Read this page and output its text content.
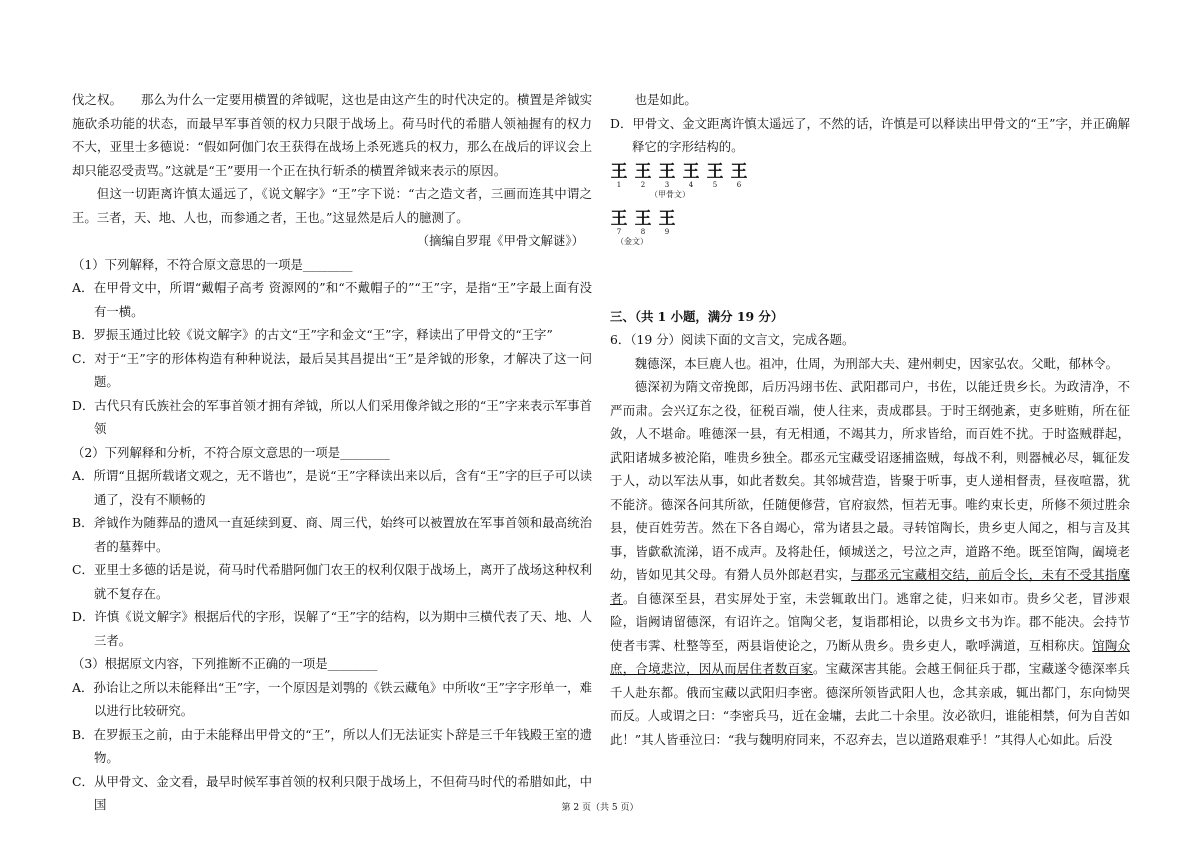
伐之权。　　那么为什么一定要用横置的斧钺呢，这也是由这产生的时代决定的。横置是斧钺实施砍杀功能的状态，而最早军事首领的权力只限于战场上。荷马时代的希腊人领袖握有的权力不大，亚里士多德说：“假如阿伽门农王获得在战场上杀死逃兵的权力，那么在战后的评议会上却只能忍受责骂。”这就是“王”要用一个正在执行斩杀的横置斧钺来表示的原因。

但这一切距离许慎太遥远了，《说文解字》“王”字下说：“古之造文者，三画而连其中谓之王。三者，天、地、人也，而参通之者，王也。”这显然是后人的臆测了。

（摘编自罗琨《甲骨文解谜》）

（1）下列解释，不符合原文意思的一项是________

A．在甲骨文中，所谓“戴帽子高考 资源网的”和“不戴帽子的”“王”字，是指“王”字最上面有没有一横。

B．罗振玉通过比较《说文解字》的古文“王”字和金文“王”字，释读出了甲骨文的“王字”

C．对于“王”字的形体构造有种种说法，最后吴其昌提出“王”是斧钺的形象，才解决了这一问题。

D．古代只有氏族社会的军事首领才拥有斧钺，所以人们采用像斧钺之形的“王”字来表示军事首领

（2）下列解释和分析，不符合原文意思的一项是________

A．所谓“且据所载诸文观之，无不谐也”，是说“王”字释读出来以后，含有“王”字的巨子可以读通了，没有不顺畅的

B．斧钺作为随葬品的遗风一直延续到夏、商、周三代，始终可以被置放在军事首领和最高统治者的墓葬中。

C．亚里士多德的话是说，荷马时代希腊阿伽门农王的权利仅限于战场上，离开了战场这种权利就不复存在。

D．许慎《说文解字》根据后代的字形，误解了“王”字的结构，以为期中三横代表了天、地、人三者。

（3）根据原文内容，下列推断不正确的一项是________

A．孙诒让之所以未能释出“王”字，一个原因是刘鹗的《铁云藏龟》中所收“王”字字形单一，难以进行比较研究。

B．在罗振玉之前，由于未能释出甲骨文的“王”，所以人们无法证实卜辞是三千年钱殿王室的遗物。

C．从甲骨文、金文看，最早时候军事首领的权利只限于战场上，不但荷马时代的希腊如此，中国

也是如此。

D．甲骨文、金文距离许慎太遥远了，不然的话，许慎是可以释读出甲骨文的“王”字，并正确解释它的字形结构的。

王 王 王 王 王 王
1	2	3	4	5	6

（甲骨文）

王 王 王
7	8	9

（金文）

三、（共 1 小题，满分 19 分）

6．（19 分）阅读下面的文言文，完成各题。

魏德深，本巨鹿人也。祖冲，仕周，为刑部大夫、建州刺史，因家弘农。父毗，郁林令。

德深初为隋文帝挽郎，后历冯翊书佐、武阳郡司户，书佐，以能迁贵乡长。为政清净，不严而肃。会兴辽东之役，征税百端，使人往来，责成郡县。于时王纲弛紊，吏多赃贿，所在征敛，人不堪命。唯德深一县，有无相通，不竭其力，所求皆给，而百姓不扰。于时盗贼群起，武阳诸城多被沦陷，唯贵乡独全。郡丞元宝藏受诏逐捕盗贼，每战不利，则器械必尽，辄征发于人，动以军法从事，如此者数矣。其邻城营造，皆聚于听事，吏人递相督责，昼夜喧嚣，犹不能济。德深各问其所欲，任随便修营，官府寂然，恒若无事。唯约束长吏，所修不须过胜余县，使百姓劳苦。然在下各自竭心，常为诸县之最。寻转馆陶长，贵乡吏人闻之，相与言及其事，皆歔欷流涕，语不成声。及将赴任，倾城送之，号泣之声，道路不绝。既至馆陶，阖境老幼，皆如见其父母。有猾人员外郎赵君实，与郡丞元宝藏相交结，前后令长，未有不受其指麾者。自德深至县，君实屏处于室，未尝辄敢出门。逃窜之徒，归来如市。贵乡父老，冒涉艰险，诣阙请留德深，有诏许之。馆陶父老，复诣郡相论，以贵乡文书为诈。郡不能决。会持节使者韦霁、杜整等至，两县诣使论之，乃断从贵乡。贵乡吏人，歌呼满道，互相称庆。馆陶众庶，合境悲泣，因从而居住者数百家。宝藏深害其能。会越王侗征兵于郡，宝藏遂令德深率兵千人赴东都。俄而宝藏以武阳归李密。德深所领皆武阳人也，念其亲戚，辄出都门，东向恸哭而反。人或谓之曰：“李密兵马，近在金墉，去此二十余里。汝必欲归，谁能相禁，何为自苦如此！”其人皆垂泣曰：“我与魏明府同来，不忍弃去，岂以道路艰难乎！”其得人心如此。后没

第 2 页（共 5 页）
